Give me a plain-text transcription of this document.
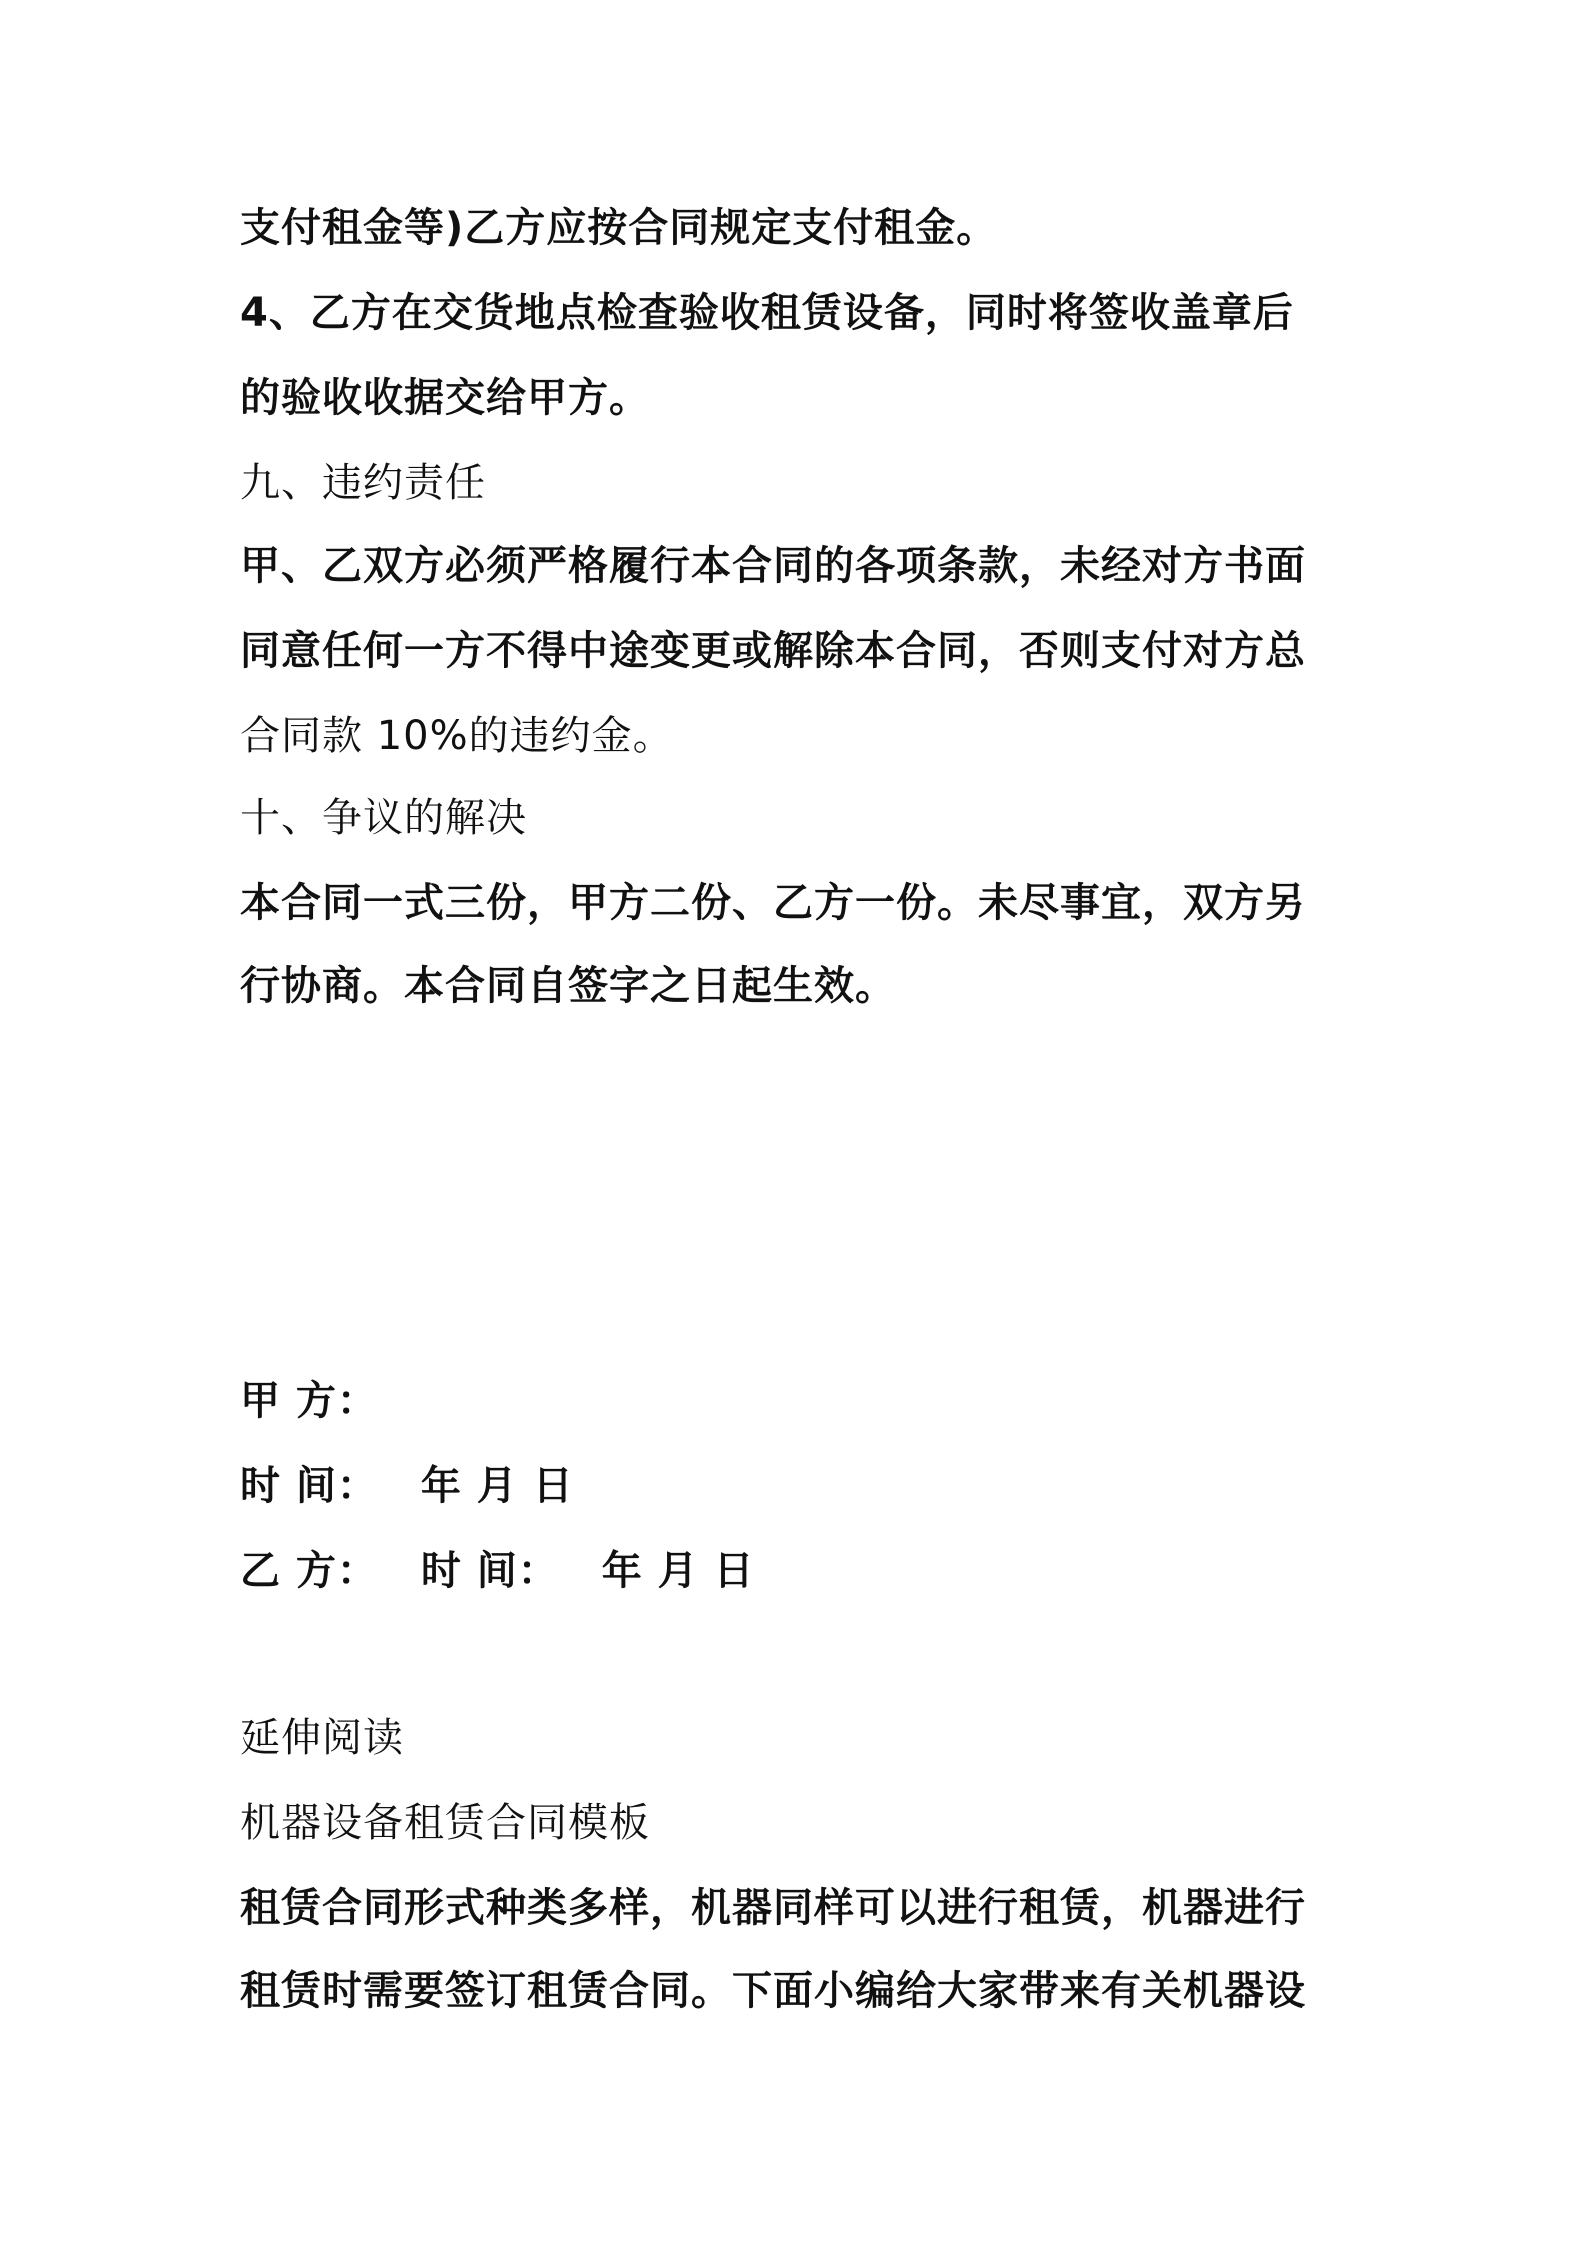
支付租金等)乙方应按合同规定支付租金。
4、乙方在交货地点检查验收租赁设备，同时将签收盖章后
的验收收据交给甲方。
九、违约责任
甲、乙双方必须严格履行本合同的各项条款，未经对方书面
同意任何一方不得中途变更或解除本合同，否则支付对方总
合同款 10%的违约金。
十、争议的解决
本合同一式三份，甲方二份、乙方一份。未尽事宜，双方另
行协商。本合同自签字之日起生效。
甲 方：
时 间： 年 月 日
乙 方： 时 间： 年 月 日
延伸阅读
机器设备租赁合同模板
租赁合同形式种类多样，机器同样可以进行租赁，机器进行
租赁时需要签订租赁合同。下面小编给大家带来有关机器设
